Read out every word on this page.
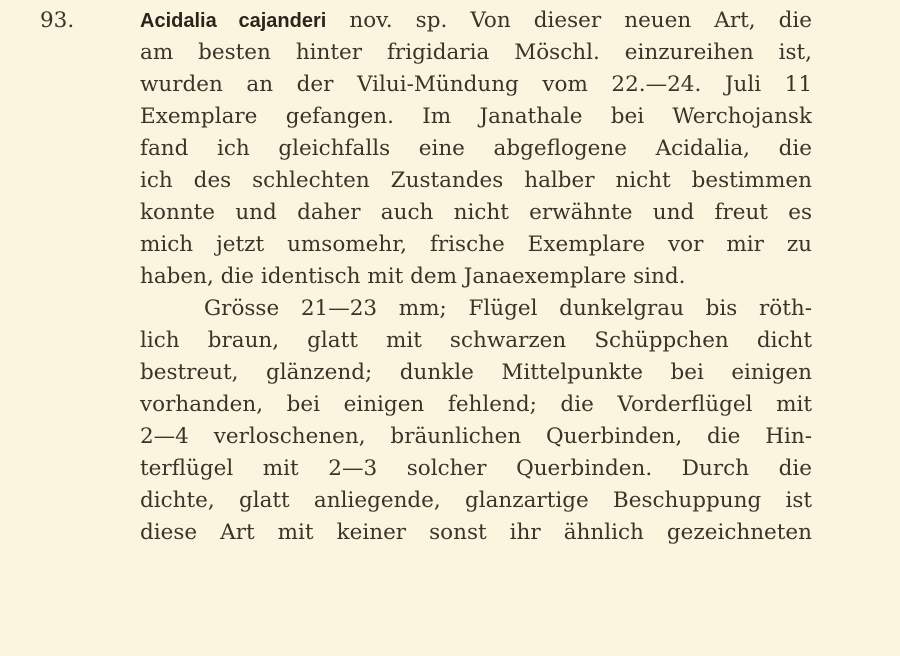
93.	Acidalia cajanderi nov. sp. Von dieser neuen Art, die

am besten hinter frigidaria Möschl. einzureihen ist,

wurden an der Vilui-Mündung vom 22.—24. Juli 11

Exemplare gefangen. Im Janathale bei Werchojansk

fand ich gleichfalls eine abgeflogene Acidalia, die

ich des schlechten Zustandes halber nicht bestimmen

konnte und daher auch nicht erwähnte und freut es

mich jetzt umsomehr, frische Exemplare vor mir zu

haben, die identisch mit dem Janaexemplare sind.

Grösse 21—23 mm; Flügel dunkelgrau bis röth-

lich braun, glatt mit schwarzen Schüppchen dicht

bestreut, glänzend; dunkle Mittelpunkte bei einigen

vorhanden, bei einigen fehlend; die Vorderflügel mit

2—4 verloschenen, bräunlichen Querbinden, die Hin-

terflügel mit 2—3 solcher Querbinden. Durch die

dichte, glatt anliegende, glanzartige Beschuppung ist

diese Art mit keiner sonst ihr ähnlich gezeichneten
